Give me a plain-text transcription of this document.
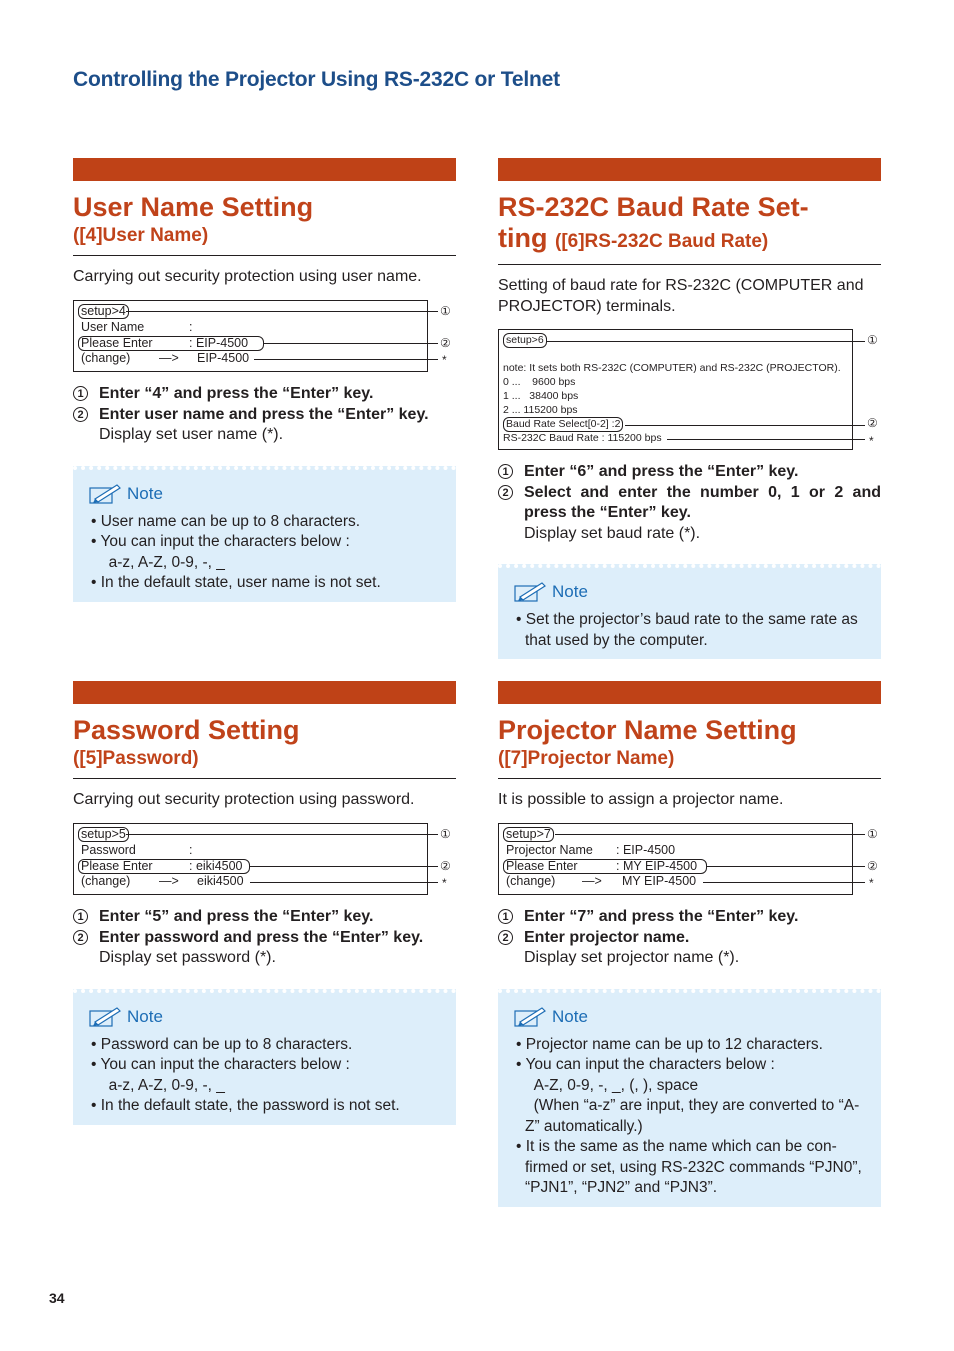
Controlling the Projector Using RS-232C or Telnet
User Name Setting
([4]User Name)
Carrying out security protection using user name.
setup>4
User Name	:
Please Enter	: EIP-4500
(change) —> EIP-4500
①
②
*
1 Enter “4” and press the “Enter” key.
2 Enter user name and press the “Enter” key.
Display set user name (*).
Note
• User name can be up to 8 characters.
• You can input the characters below :
a-z, A-Z, 0-9, -, _
• In the default state, user name is not set.
RS-232C Baud Rate Set-
ting ([6]RS-232C Baud Rate)
Setting of baud rate for RS-232C (COMPUTER and PROJECTOR) terminals.
setup>6
note: It sets both RS-232C (COMPUTER) and RS-232C (PROJECTOR).
0 ...    9600 bps
1 ...   38400 bps
2 ... 115200 bps
Baud Rate Select[0-2] :2
RS-232C Baud Rate : 115200 bps
①
②
*
1 Enter “6” and press the “Enter” key.
2 Select and enter the number 0, 1 or 2 and press the “Enter” key.
Display set baud rate (*).
Note
• Set the projector’s baud rate to the same rate as that used by the computer.
Password Setting
([5]Password)
Carrying out security protection using password.
setup>5
Password	:
Please Enter	: eiki4500
(change) —> eiki4500
①
②
*
1 Enter “5” and press the “Enter” key.
2 Enter password and press the “Enter” key.
Display set password (*).
Note
• Password can be up to 8 characters.
• You can input the characters below :
a-z, A-Z, 0-9, -, _
• In the default state, the password is not set.
Projector Name Setting
([7]Projector Name)
It is possible to assign a projector name.
setup>7
Projector Name : EIP-4500
Please Enter	: MY EIP-4500
(change) —> MY EIP-4500
①
②
*
1 Enter “7” and press the “Enter” key.
2 Enter projector name.
Display set projector name (*).
Note
• Projector name can be up to 12 characters.
• You can input the characters below :
A-Z, 0-9, -, _, (, ), space
(When “a-z” are input, they are converted to “A-Z” automatically.)
• It is the same as the name which can be con-firmed or set, using RS-232C commands “PJN0”, “PJN1”, “PJN2” and “PJN3”.
34
